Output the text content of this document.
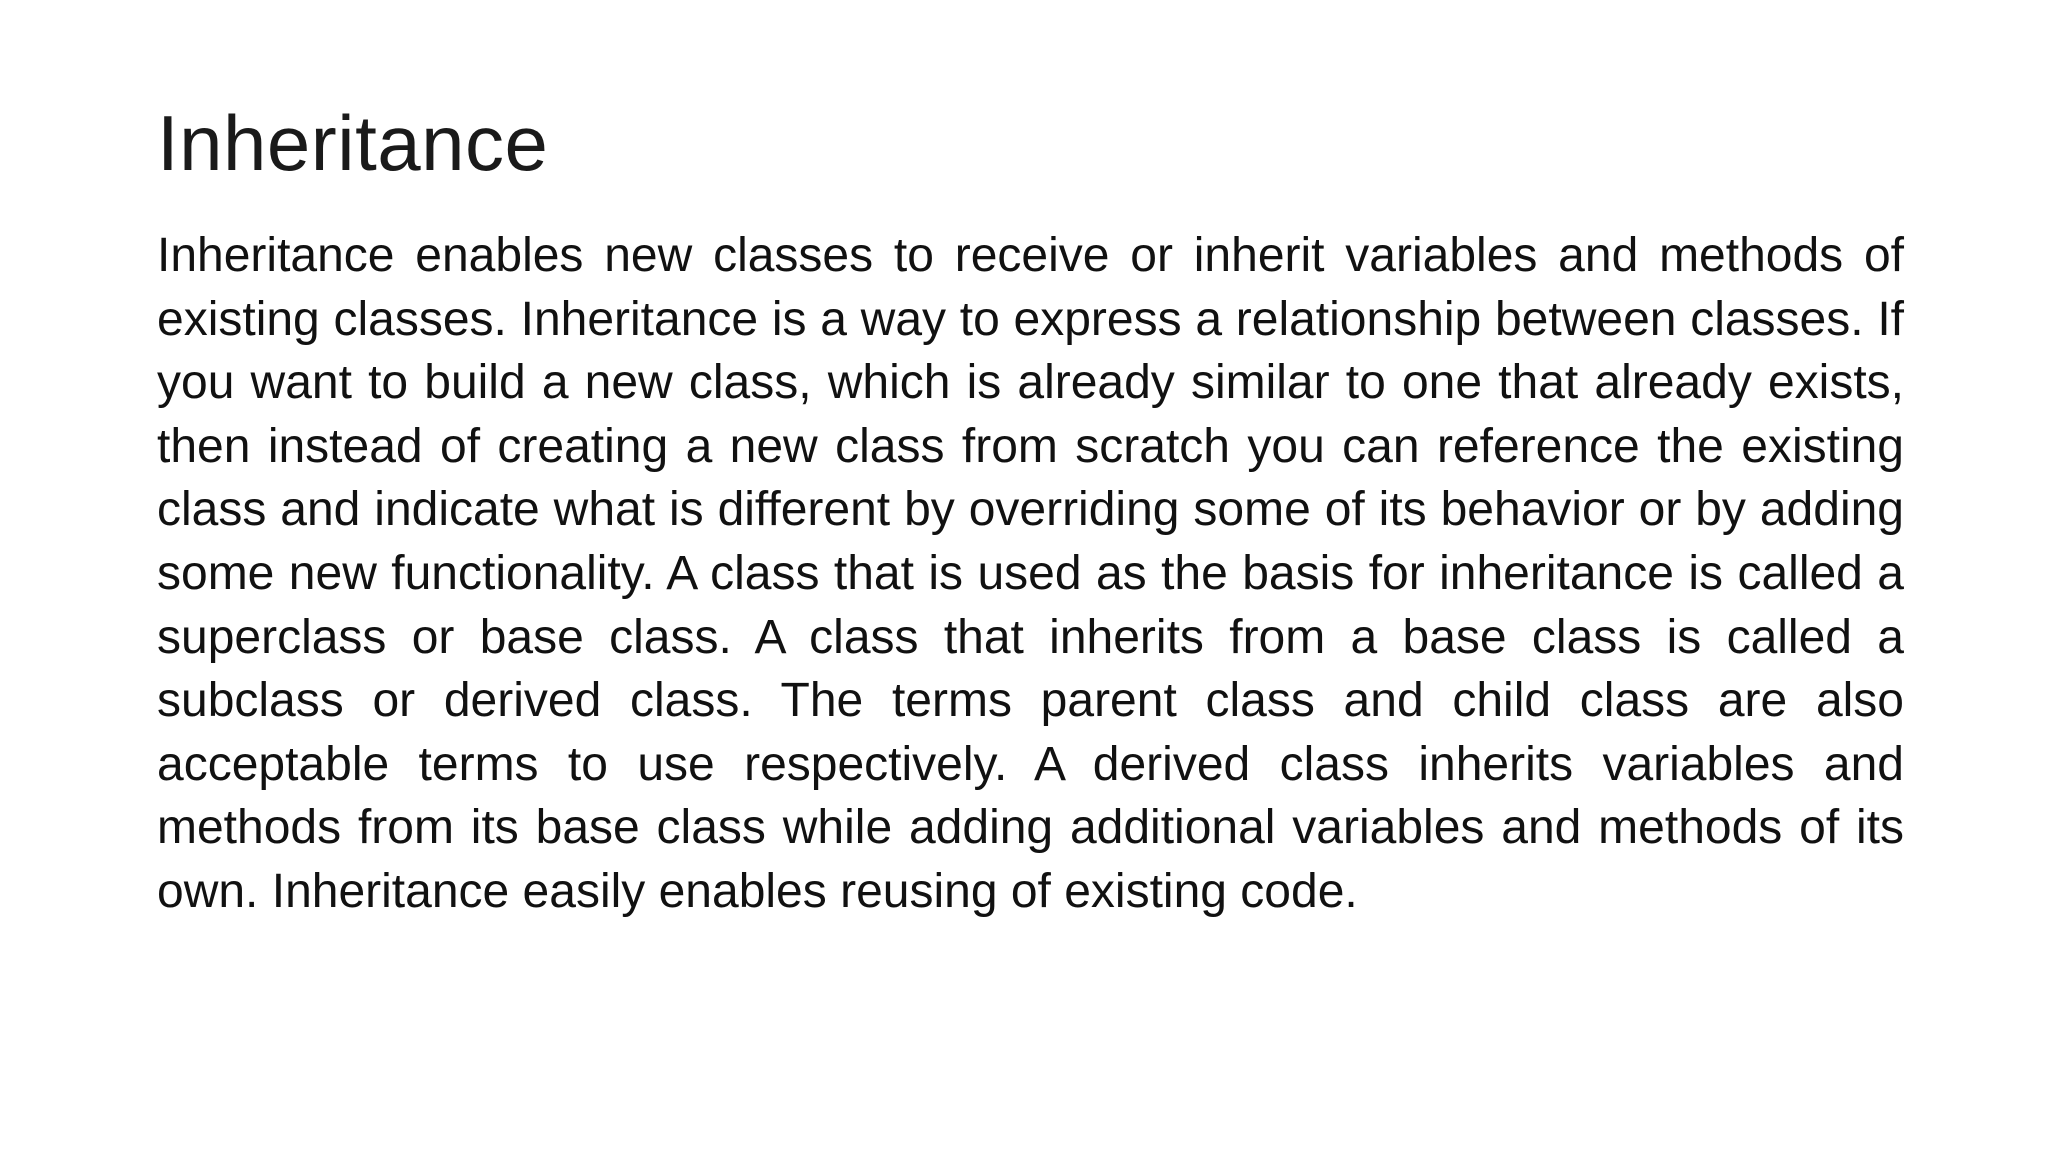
Inheritance

Inheritance enables new classes to receive or inherit variables and methods of existing classes. Inheritance is a way to express a relationship between classes. If you want to build a new class, which is already similar to one that already exists, then instead of creating a new class from scratch you can reference the existing class and indicate what is different by overriding some of its behavior or by adding some new functionality. A class that is used as the basis for inheritance is called a superclass or base class. A class that inherits from a base class is called a subclass or derived class. The terms parent class and child class are also acceptable terms to use respectively. A derived class inherits variables and methods from its base class while adding additional variables and methods of its own. Inheritance easily enables reusing of existing code.
